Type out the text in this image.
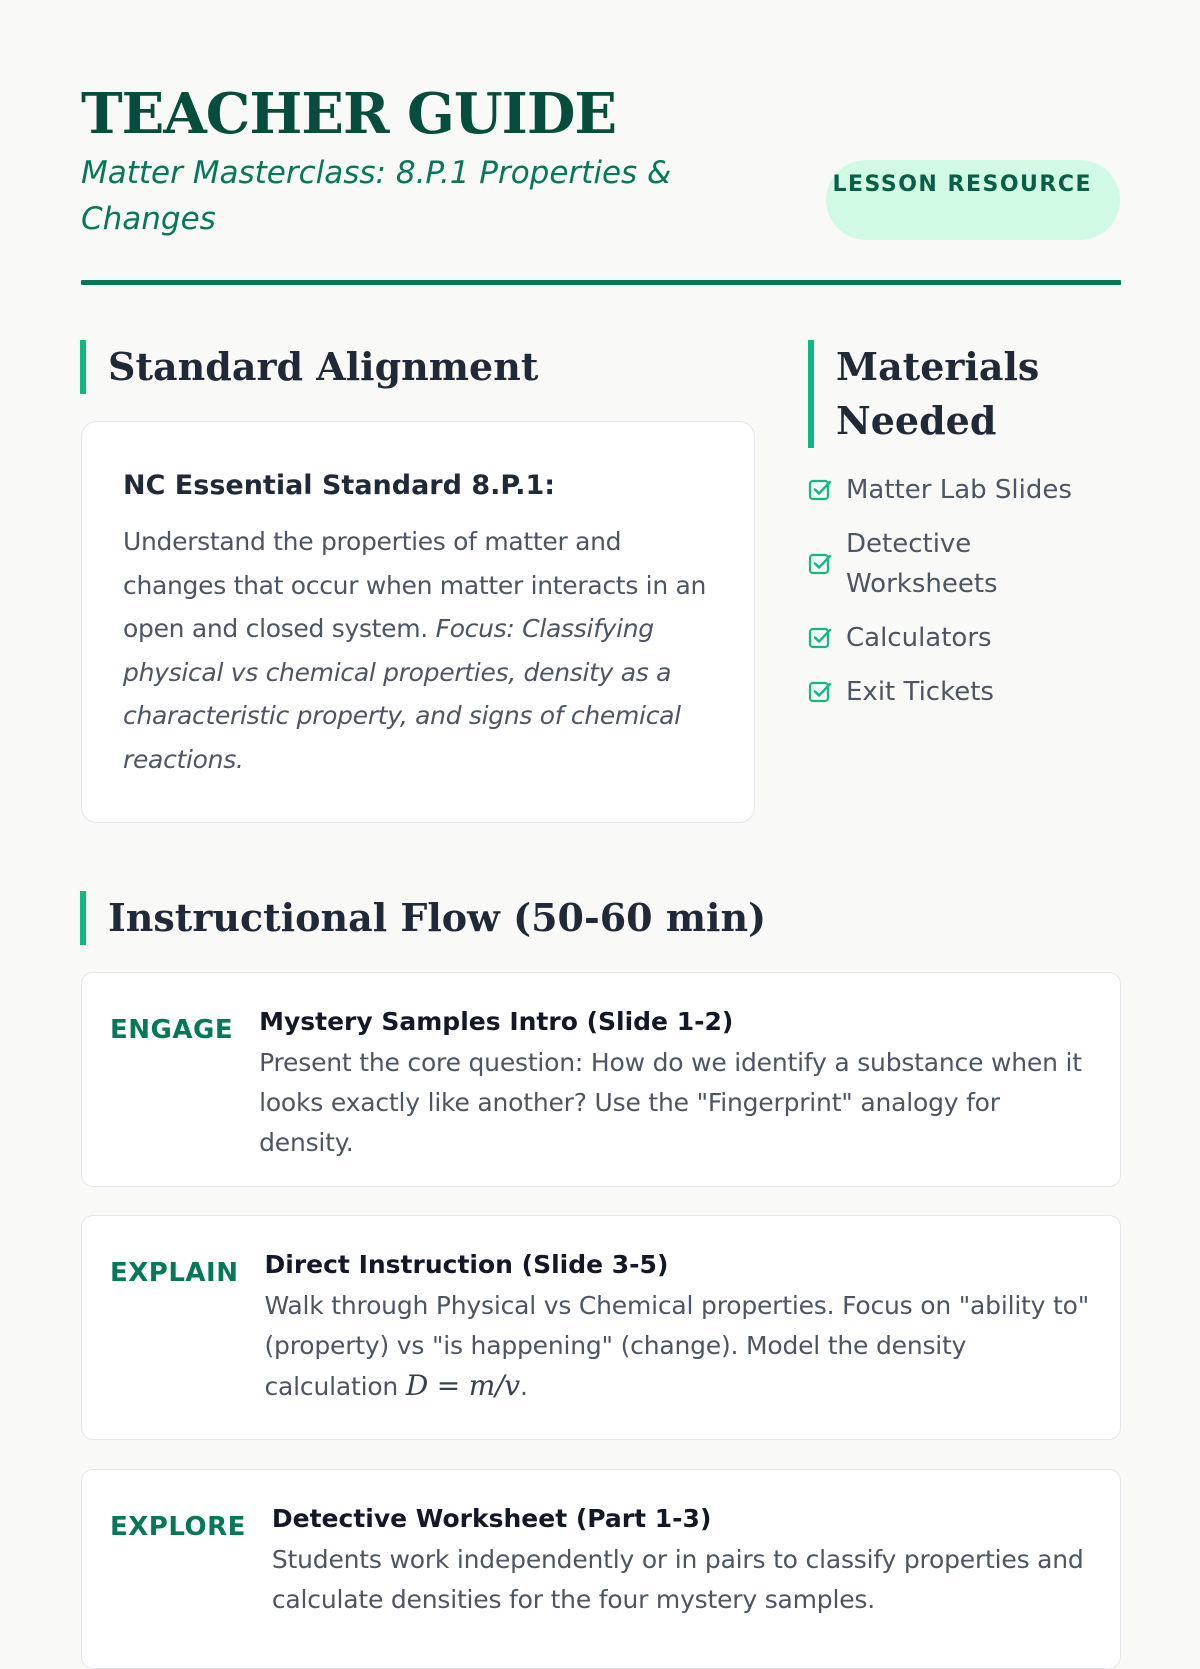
TEACHER GUIDE

Matter Masterclass: 8.P.1 Properties & Changes

LESSON RESOURCE
Standard Alignment

NC Essential Standard 8.P.1:

Understand the properties of matter and changes that occur when matter interacts in an open and closed system. Focus: Classifying physical vs chemical properties, density as a characteristic property, and signs of chemical reactions.

Materials Needed
Matter Lab Slides
Detective Worksheets
Calculators
Exit Tickets
Instructional Flow (50-60 min)
ENGAGE Mystery Samples Intro (Slide 1-2)

Present the core question: How do we identify a substance when it looks exactly like another? Use the "Fingerprint" analogy for density.

EXPLAIN Direct Instruction (Slide 3-5)

Walk through Physical vs Chemical properties. Focus on "ability to" (property) vs "is happening" (change). Model the density calculation D = m/v.

EXPLORE Detective Worksheet (Part 1-3)

Students work independently or in pairs to classify properties and calculate densities for the four mystery samples.
